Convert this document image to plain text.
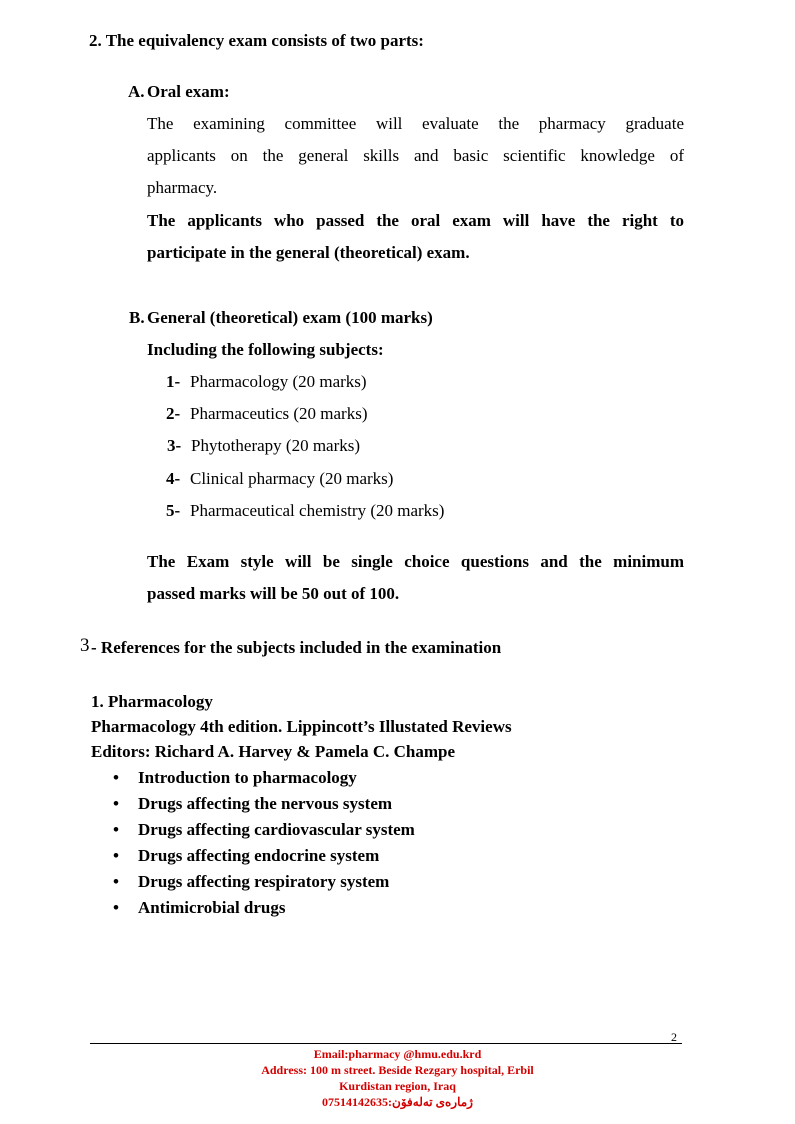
2. The equivalency exam consists of two parts:
A. Oral exam:
The examining committee will evaluate the pharmacy graduate
applicants on the general skills and basic scientific knowledge of
pharmacy.
The applicants who passed the oral exam will have the right to
participate in the general (theoretical) exam.
B. General (theoretical) exam (100 marks)
Including the following subjects:
1- Pharmacology (20 marks)
2- Pharmaceutics (20 marks)
3- Phytotherapy (20 marks)
4- Clinical pharmacy (20 marks)
5- Pharmaceutical chemistry (20 marks)
The Exam style will be single choice questions and the minimum
passed marks will be 50 out of 100.
3 - References for the subjects included in the examination
1. Pharmacology
Pharmacology 4th edition. Lippincott’s Illustated Reviews
Editors: Richard A. Harvey & Pamela C. Champe
• Introduction to pharmacology
• Drugs affecting the nervous system
• Drugs affecting cardiovascular system
• Drugs affecting endocrine system
• Drugs affecting respiratory system
• Antimicrobial drugs
2
Email:pharmacy @hmu.edu.krd
Address: 100 m street. Beside Rezgary hospital, Erbil
Kurdistan region, Iraq
07514142635:ژمارەی تەلەفۆن
